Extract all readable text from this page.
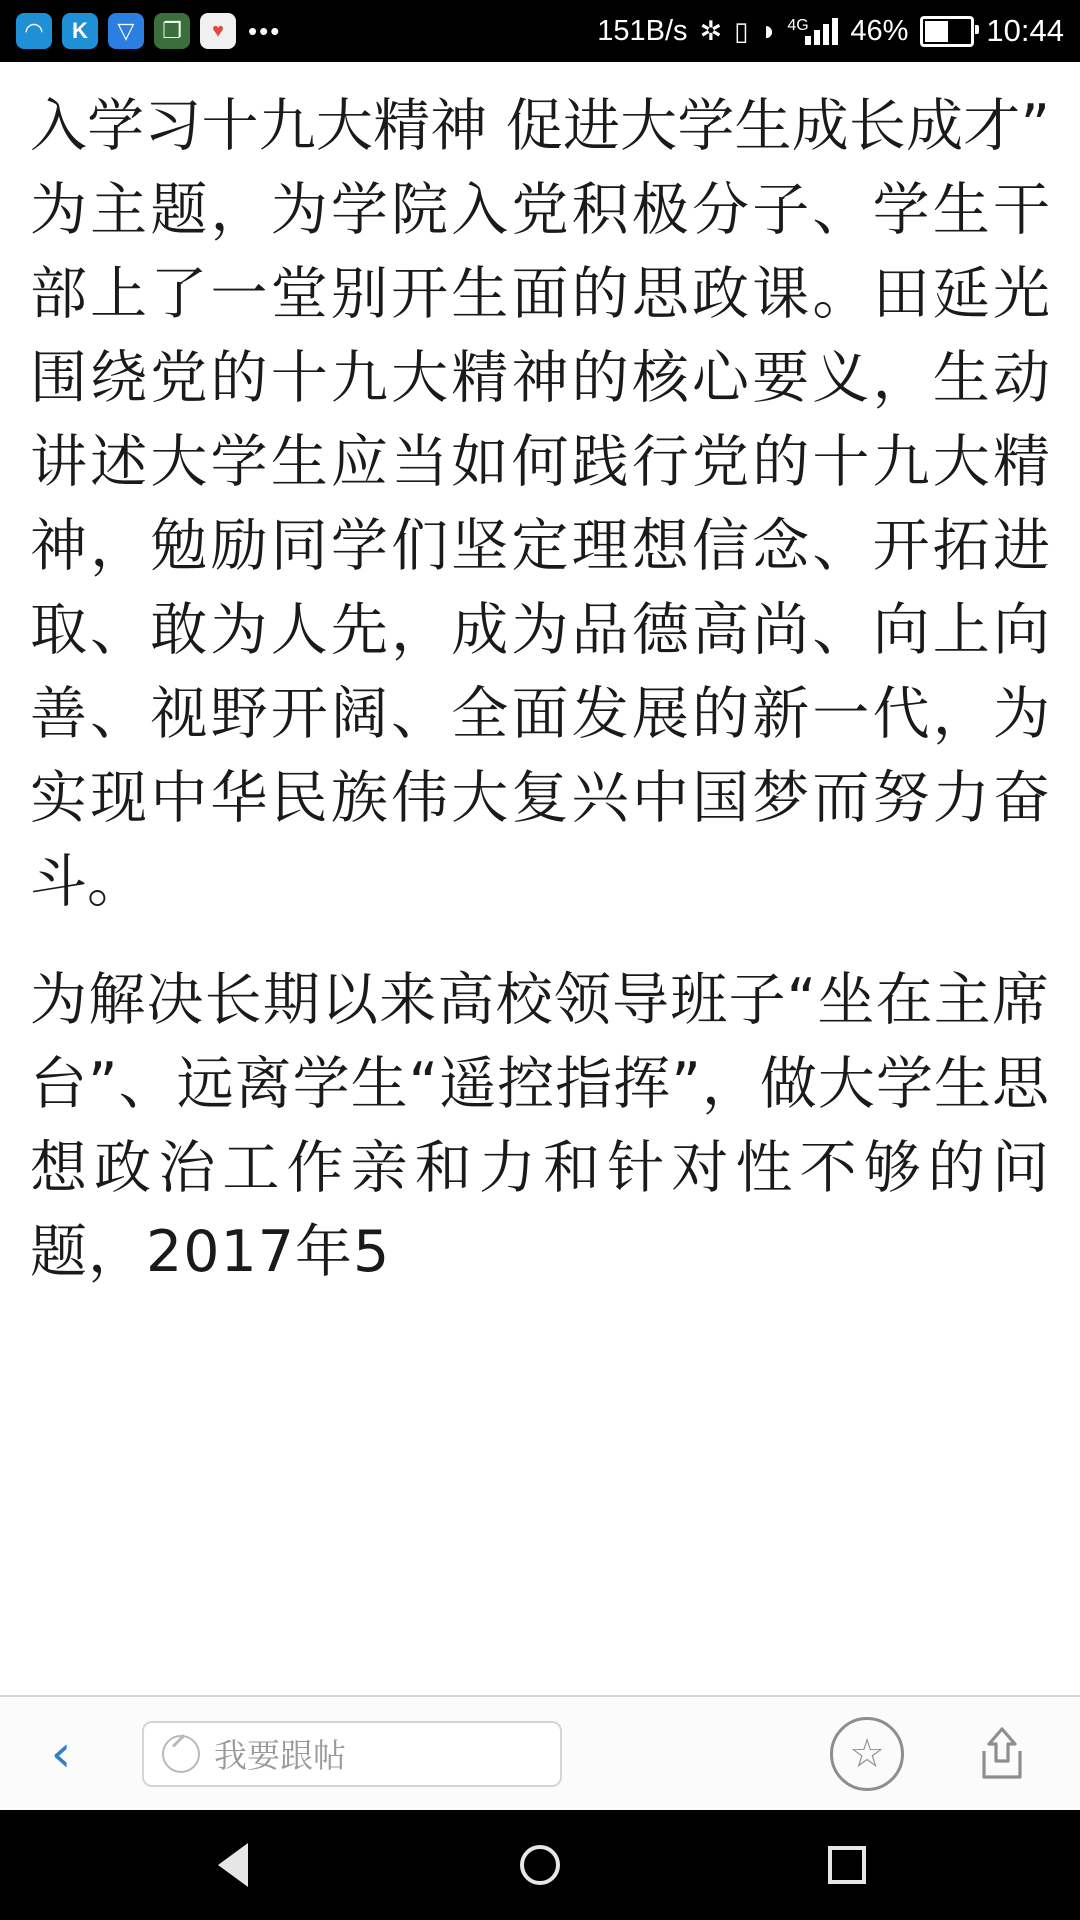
◠	K	▽	❐	♥ •••	151B/s ✲ ▯ ◗ 4G 46%	10:44

入学习十九大精神 促进大学生成长成才”为主题，为学院入党积极分子、学生干部上了一堂别开生面的思政课。田延光围绕党的十九大精神的核心要义，生动讲述大学生应当如何践行党的十九大精神，勉励同学们坚定理想信念、开拓进取、敢为人先，成为品德高尚、向上向善、视野开阔、全面发展的新一代，为实现中华民族伟大复兴中国梦而努力奋斗。

为解决长期以来高校领导班子“坐在主席台”、远离学生“遥控指挥”，做大学生思想政治工作亲和力和针对性不够的问题，2017年5

‹	我要跟帖	☆
